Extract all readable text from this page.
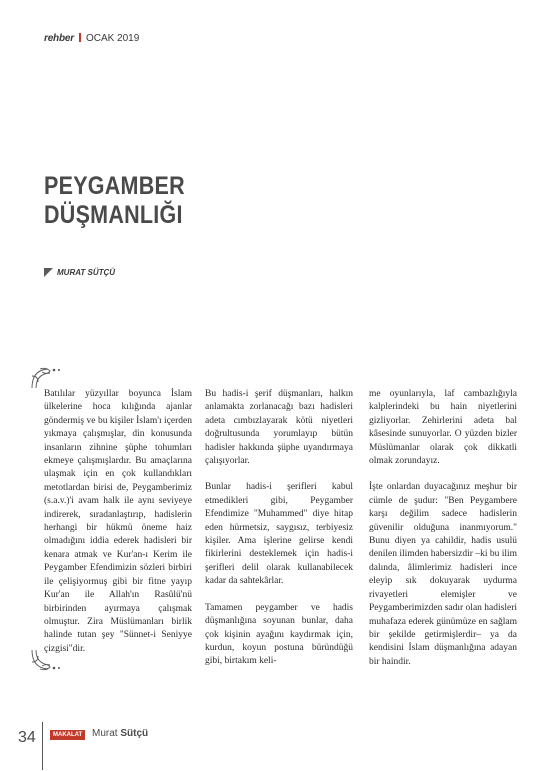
rehber OCAK 2019
PEYGAMBER
DÜŞMANLIĞI
MURAT SÜTÇÜ

Batılılar yüzyıllar boyunca İslam ülkelerine hoca kılığında ajanlar göndermiş ve bu kişiler İslam'ı içerden yıkmaya çalışmışlar, din konusunda insanların zihnine şüphe tohumları ekmeye çalışmışlardır. Bu amaçlarına ulaşmak için en çok kullandıkları metotlardan birisi de, Peygamberimiz (s.a.v.)'i avam halk ile aynı seviyeye indirerek, sıradanlaştırıp, hadislerin herhangi bir hükmü öneme haiz olmadığını iddia ederek hadisleri bir kenara atmak ve Kur'an-ı Kerim ile Peygamber Efendimizin sözleri birbiri ile çelişiyormuş gibi bir fitne yayıp Kur'an ile Allah'ın Rasûlü'nü birbirinden ayırmaya çalışmak olmuştur. Zira Müslümanları birlik halinde tutan şey "Sünnet-i Seniyye çizgisi"dir.

Bu hadis-i şerif düşmanları, halkın anlamakta zorlanacağı bazı hadisleri adeta cımbızlayarak kötü niyetleri doğrultusunda yorumlayıp bütün hadisler hakkında şüphe uyandırmaya çalışıyorlar.

Bunlar hadis-i şerifleri kabul etmedikleri gibi, Peygamber Efendimize "Muhammed" diye hitap eden hürmetsiz, saygısız, terbiyesiz kişiler. Ama işlerine gelirse kendi fikirlerini desteklemek için hadis-i şerifleri delil olarak kullanabilecek kadar da sahtekârlar.

Tamamen peygamber ve hadis düşmanlığına soyunan bunlar, daha çok kişinin ayağını kaydırmak için, kurdun, koyun postuna büründüğü gibi, birtakım keli-

me oyunlarıyla, laf cambazlığıyla kalplerindeki bu hain niyetlerini gizliyorlar. Zehirlerini adeta bal kâsesinde sunuyorlar. O yüzden bizler Müslümanlar olarak çok dikkatli olmak zorundayız.

İşte onlardan duyacağınız meşhur bir cümle de şudur: "Ben Peygambere karşı değilim sadece hadislerin güvenilir olduğuna inanmıyorum." Bunu diyen ya cahildir, hadis usulü denilen ilimden habersizdir –ki bu ilim dalında, âlimlerimiz hadisleri ince eleyip sık dokuyarak uydurma rivayetleri elemişler ve Peygamberimizden sadır olan hadisleri muhafaza ederek günümüze en sağlam bir şekilde getirmişlerdir– ya da kendisini İslam düşmanlığına adayan bir haindir.

34	MAKALAT Murat Sütçü
